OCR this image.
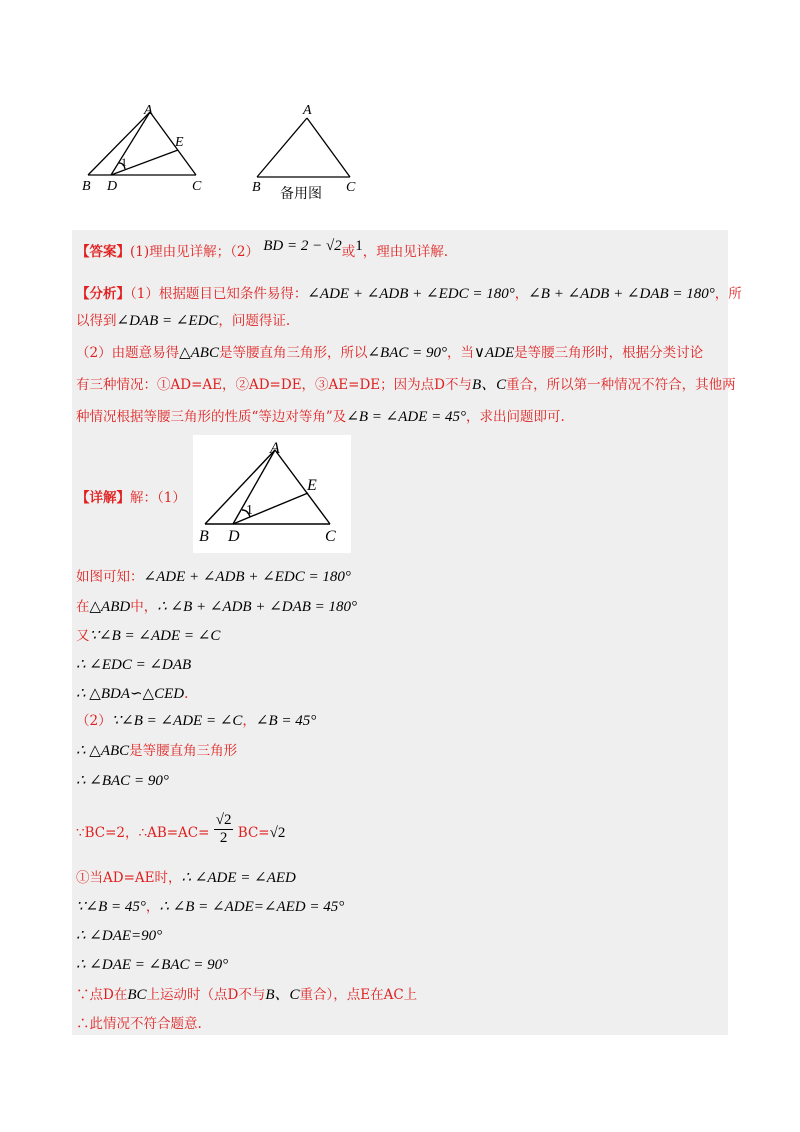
A
B D	C
E
1
A
B	C
备用图
【答案】(1)理由见详解；（2） BD = 2 − √2或1，理由见详解.
【分析】（1）根据题目已知条件易得：∠ADE + ∠ADB + ∠EDC = 180°，∠B + ∠ADB + ∠DAB = 180°，所
以得到∠DAB = ∠EDC，问题得证.
（2）由题意易得△ABC是等腰直角三角形，所以∠BAC = 90°，当∨ADE是等腰三角形时，根据分类讨论
有三种情况：①AD=AE，②AD=DE，③AE=DE；因为点D不与B、C重合，所以第一种情况不符合，其他两
种情况根据等腰三角形的性质“等边对等角”及∠B = ∠ADE = 45°，求出问题即可.
【详解】解：（1）
A
B D	C
E
1
如图可知：∠ADE + ∠ADB + ∠EDC = 180°
在△ABD中，∴ ∠B + ∠ADB + ∠DAB = 180°
又∵∠B = ∠ADE = ∠C
∴ ∠EDC = ∠DAB
∴ △BDA∽△CED.
（2）∵∠B = ∠ADE = ∠C，∠B = 45°
∴ △ABC是等腰直角三角形
∴ ∠BAC = 90°
∵BC=2，∴AB=AC= $\frac{√2}{2} BC=√2$
①当AD=AE时，∴ ∠ADE = ∠AED
∵∠B = 45°，∴ ∠B = ∠ADE=∠AED = 45°
∴ ∠DAE=90°
∴ ∠DAE = ∠BAC = 90°
∵点D在BC上运动时（点D不与B、C重合），点E在AC上
∴此情况不符合题意.
